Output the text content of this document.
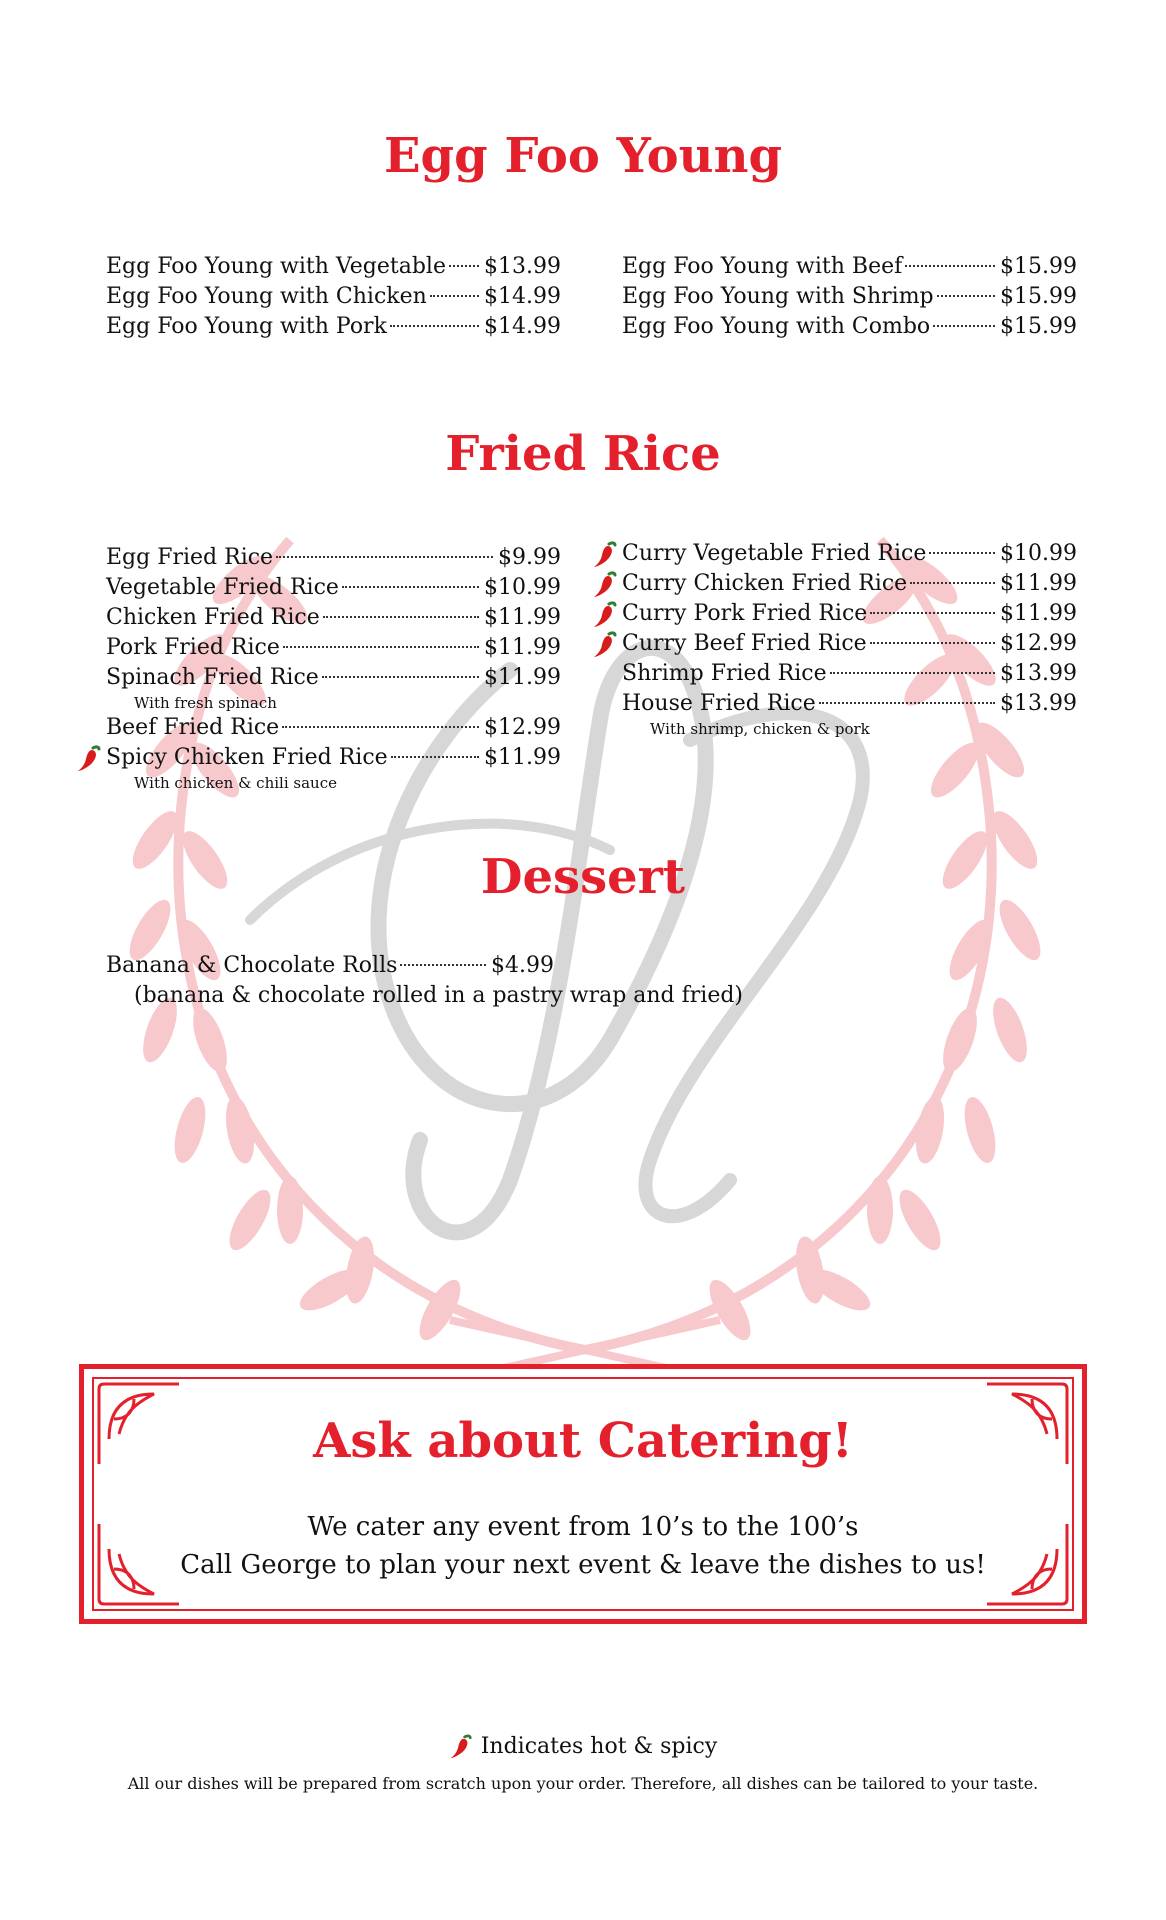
Egg Foo Young
Egg Foo Young with Vegetable $13.99
Egg Foo Young with Chicken	$14.99
Egg Foo Young with Pork	$14.99
Egg Foo Young with Beef	$15.99
Egg Foo Young with Shrimp	$15.99
Egg Foo Young with Combo	$15.99
Fried Rice
Egg Fried Rice	$9.99
Vegetable Fried Rice	$10.99
Chicken Fried Rice	$11.99
Pork Fried Rice	$11.99
Spinach Fried Rice	$11.99
With fresh spinach
Beef Fried Rice	$12.99
Spicy Chicken Fried Rice	$11.99
With chicken & chili sauce
Curry Vegetable Fried Rice	$10.99
Curry Chicken Fried Rice	$11.99
Curry Pork Fried Rice	$11.99
Curry Beef Fried Rice	$12.99
Shrimp Fried Rice	$13.99
House Fried Rice	$13.99
With shrimp, chicken & pork
Dessert
Banana & Chocolate Rolls	$4.99
(banana & chocolate rolled in a pastry wrap and fried)
Ask about Catering!
We cater any event from 10’s to the 100’s
Call George to plan your next event & leave the dishes to us!
Indicates hot & spicy
All our dishes will be prepared from scratch upon your order. Therefore, all dishes can be tailored to your taste.
